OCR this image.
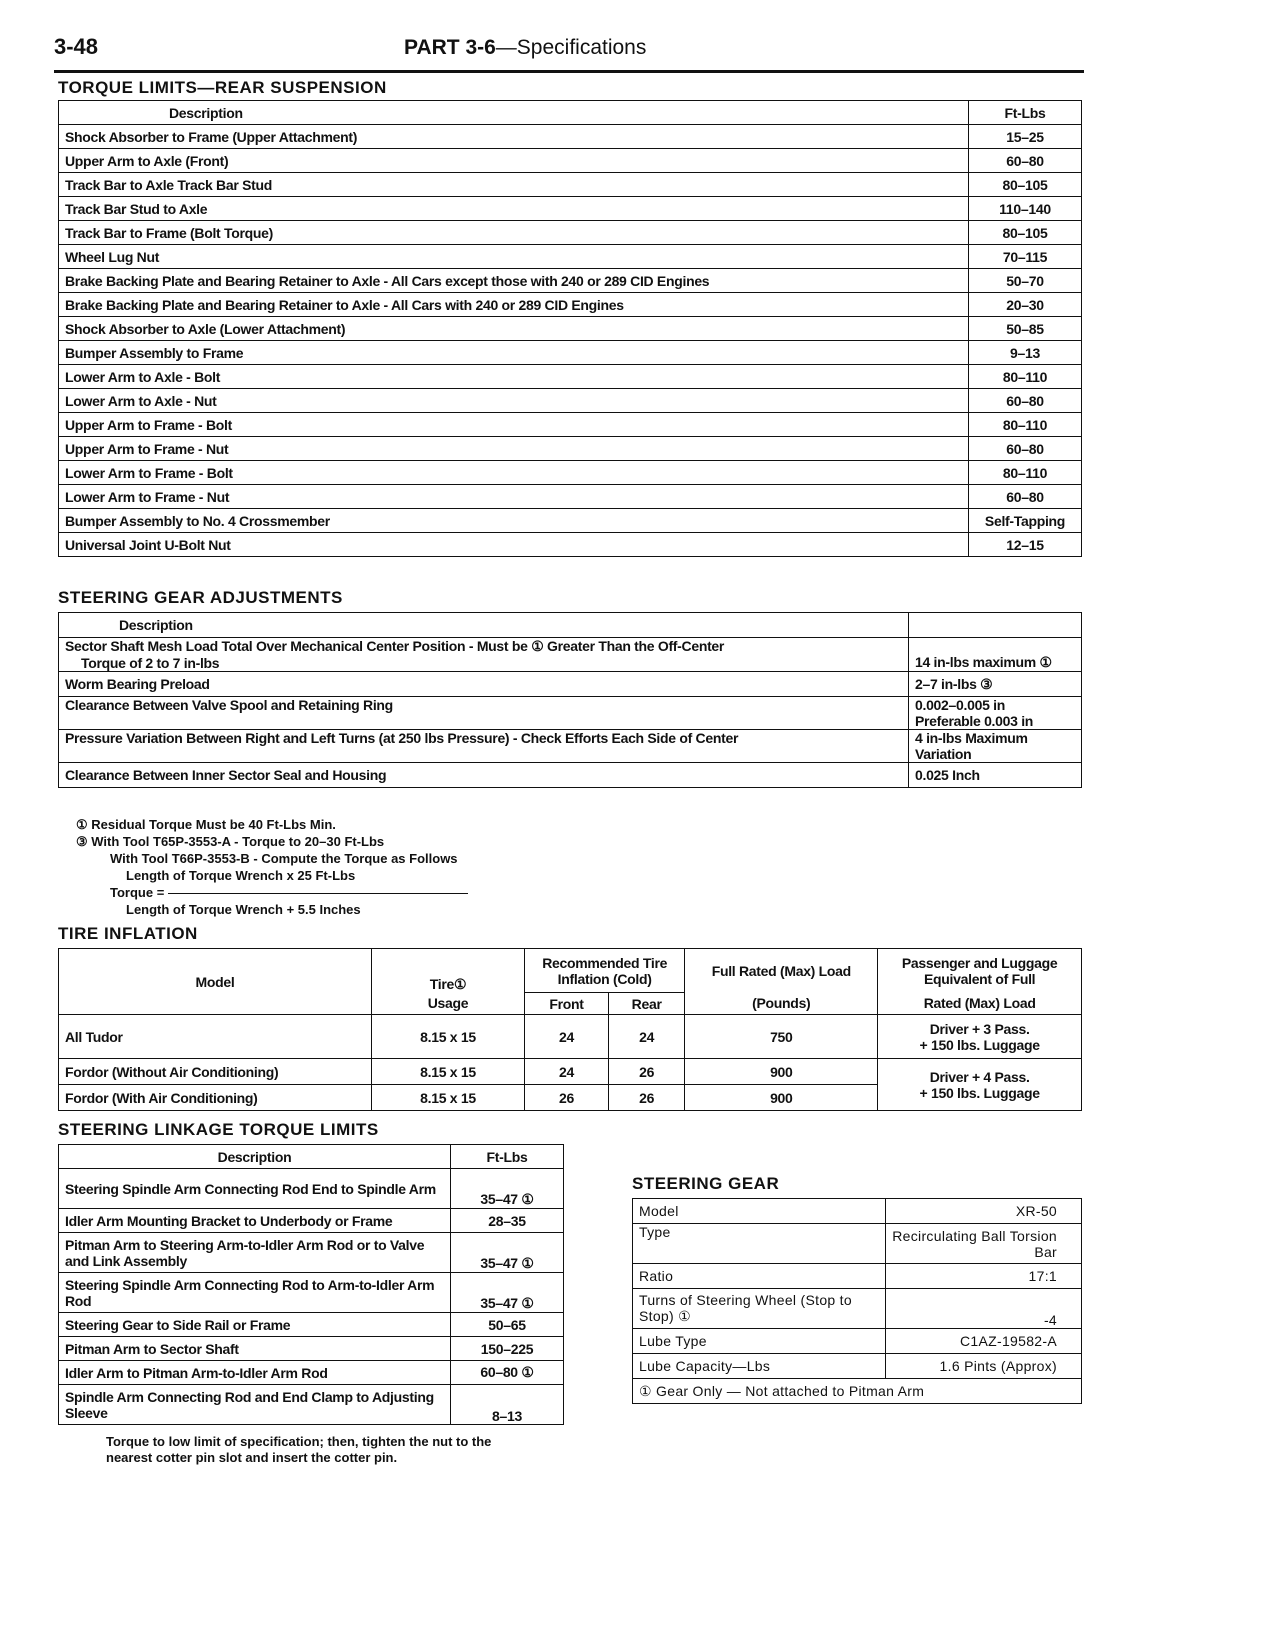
3-48	PART 3-6—Specifications
TORQUE LIMITS—REAR SUSPENSION
Description	Ft-Lbs
Shock Absorber to Frame (Upper Attachment)	15–25
Upper Arm to Axle (Front)	60–80
Track Bar to Axle Track Bar Stud	80–105
Track Bar Stud to Axle	110–140
Track Bar to Frame (Bolt Torque)	80–105
Wheel Lug Nut	70–115
Brake Backing Plate and Bearing Retainer to Axle - All Cars except those with 240 or 289 CID Engines	50–70
Brake Backing Plate and Bearing Retainer to Axle - All Cars with 240 or 289 CID Engines	20–30
Shock Absorber to Axle (Lower Attachment)	50–85
Bumper Assembly to Frame	9–13
Lower Arm to Axle - Bolt	80–110
Lower Arm to Axle - Nut	60–80
Upper Arm to Frame - Bolt	80–110
Upper Arm to Frame - Nut	60–80
Lower Arm to Frame - Bolt	80–110
Lower Arm to Frame - Nut	60–80
Bumper Assembly to No. 4 Crossmember	Self-Tapping
Universal Joint U-Bolt Nut	12–15
STEERING GEAR ADJUSTMENTS
Description	

Sector Shaft Mesh Load Total Over Mechanical Center Position - Must be ① Greater Than the Off-Center
Torque of 2 to 7 in-lbs	14 in-lbs maximum ①
Worm Bearing Preload	2–7 in-lbs ③
Clearance Between Valve Spool and Retaining Ring	0.002–0.005 in
Preferable 0.003 in

Pressure Variation Between Right and Left Turns (at 250 lbs Pressure) - Check Efforts Each Side of Center	4 in-lbs Maximum
Variation

Clearance Between Inner Sector Seal and Housing	0.025 Inch
① Residual Torque Must be 40 Ft-Lbs Min.
③ With Tool T65P-3553-A - Torque to 20–30 Ft-Lbs
With Tool T66P-3553-B - Compute the Torque as Follows
Length of Torque Wrench x 25 Ft-Lbs
Torque =
Length of Torque Wrench + 5.5 Inches
TIRE INFLATION
Model	Tire①	Recommended Tire Inflation (Cold)		Full Rated (Max) Load	Passenger and Luggage Equivalent of Full
	Usage	Front	Rear	(Pounds)	Rated (Max) Load
All Tudor	8.15 x 15	24	24	750	Driver + 3 Pass.
+ 150 lbs. Luggage

Fordor (Without Air Conditioning)	8.15 x 15	24	26	900	Driver + 4 Pass.
+ 150 lbs. Luggage

Fordor (With Air Conditioning)	8.15 x 15	26	26	900	
STEERING LINKAGE TORQUE LIMITS
Description	Ft-Lbs
Steering Spindle Arm Connecting Rod End to Spindle Arm	35–47 ①
Idler Arm Mounting Bracket to Underbody or Frame	28–35
Pitman Arm to Steering Arm-to-Idler Arm Rod or to Valve and Link Assembly	35–47 ①
Steering Spindle Arm Connecting Rod to Arm-to-Idler Arm Rod	35–47 ①
Steering Gear to Side Rail or Frame	50–65
Pitman Arm to Sector Shaft	150–225
Idler Arm to Pitman Arm-to-Idler Arm Rod	60–80 ①
Spindle Arm Connecting Rod and End Clamp to Adjusting Sleeve	8–13
Torque to low limit of specification; then, tighten the nut to the nearest cotter pin slot and insert the cotter pin.
STEERING GEAR
Model	XR-50
Type	Recirculating Ball Torsion Bar
Ratio	17:1
Turns of Steering Wheel (Stop to Stop) ①	-4
Lube Type	C1AZ-19582-A
Lube Capacity—Lbs	1.6 Pints (Approx)
① Gear Only — Not attached to Pitman Arm	
